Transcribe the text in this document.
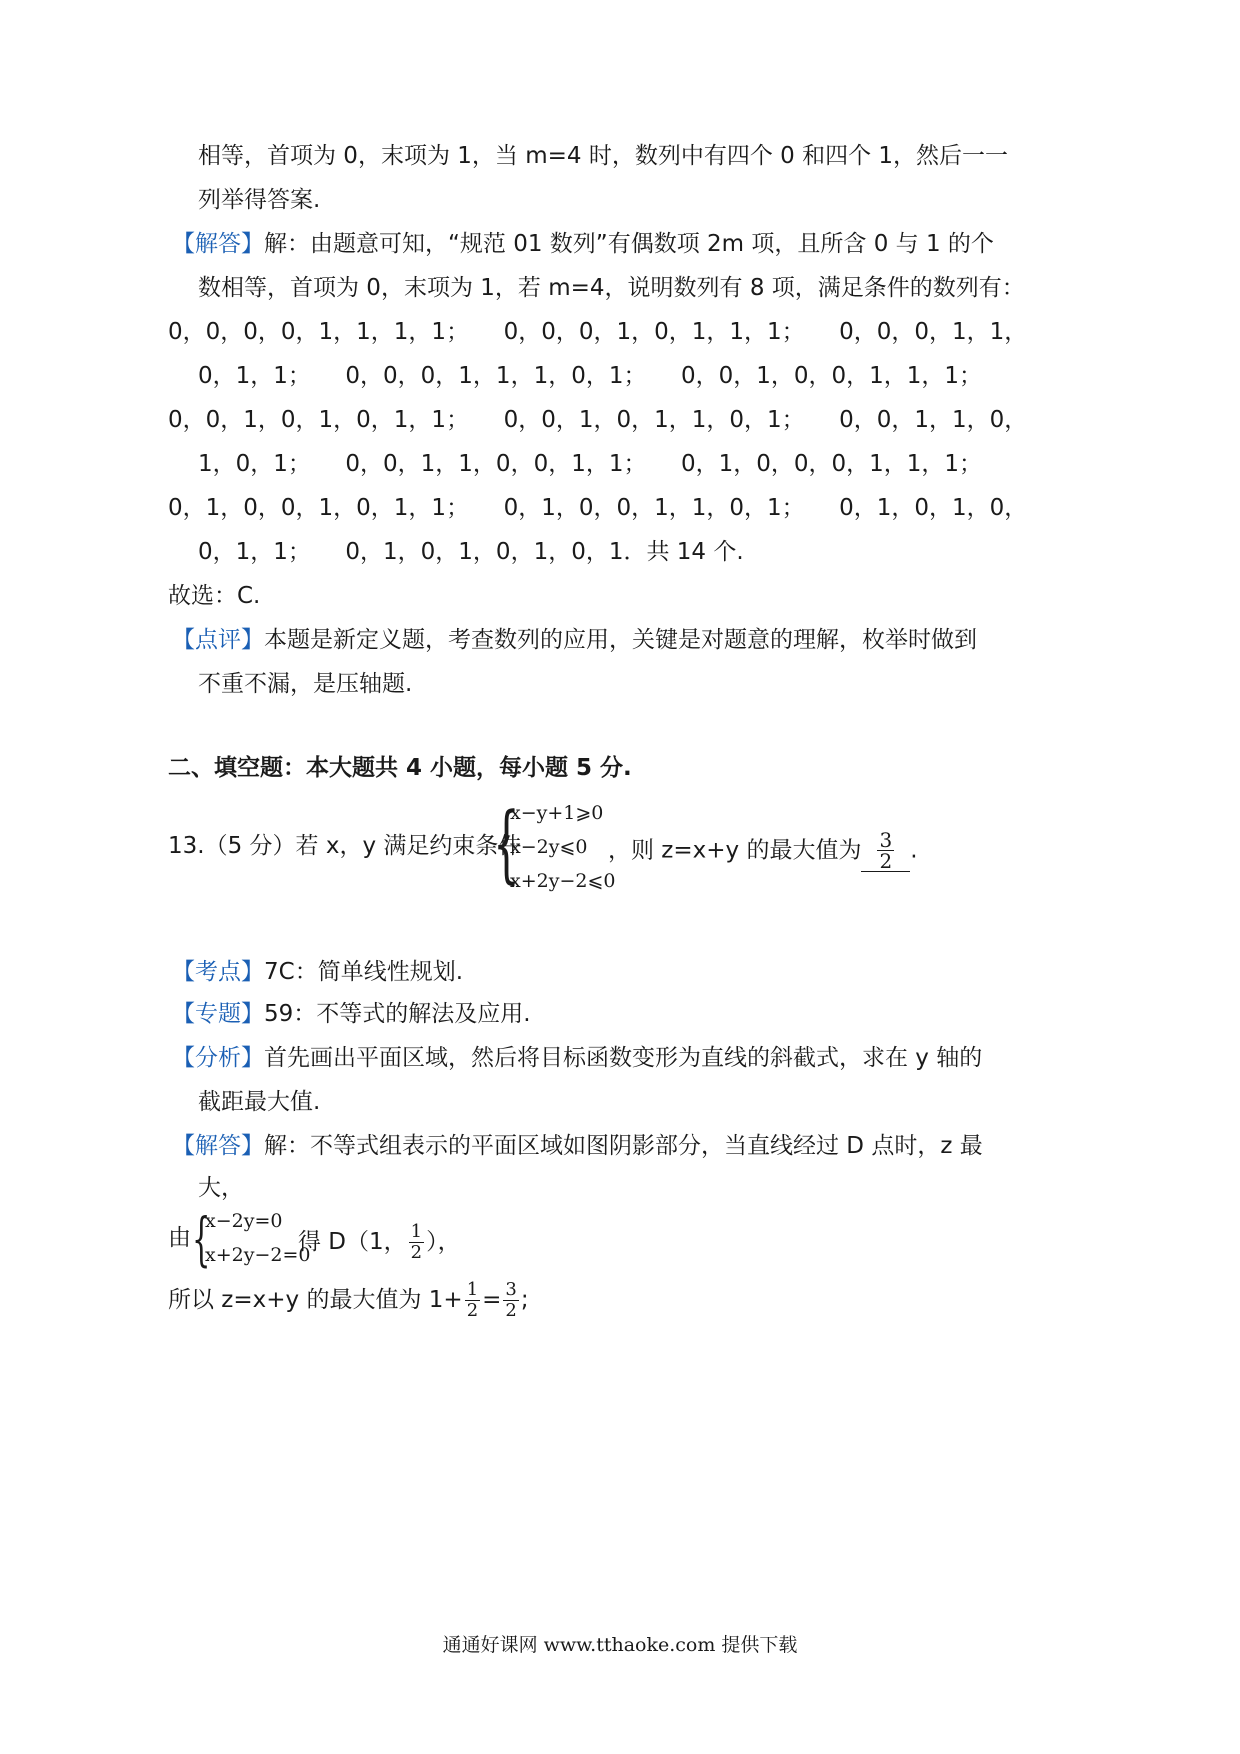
相等，首项为 0，末项为 1，当 m=4 时，数列中有四个 0 和四个 1，然后一一
列举得答案.
【解答】解：由题意可知，“规范 01 数列”有偶数项 2m 项，且所含 0 与 1 的个
数相等，首项为 0，末项为 1，若 m=4，说明数列有 8 项，满足条件的数列有：
0，0，0，0，1，1，1，1；　　0，0，0，1，0，1，1，1；　　0，0，0，1，1，
0，1，1；　　0，0，0，1，1，1，0，1；　　0，0，1，0，0，1，1，1；
0，0，1，0，1，0，1，1；　　0，0，1，0，1，1，0，1；　　0，0，1，1，0，
1，0，1；　　0，0，1，1，0，0，1，1；　　0，1，0，0，0，1，1，1；
0，1，0，0，1，0，1，1；　　0，1，0，0，1，1，0，1；　　0，1，0，1，0，
0，1，1；　　0，1，0，1，0，1，0，1．共 14 个.
故选：C.
【点评】本题是新定义题，考查数列的应用，关键是对题意的理解，枚举时做到
不重不漏，是压轴题.
二、填空题：本大题共 4 小题，每小题 5 分.
13.（5 分）若 x，y 满足约束条件
{
x−y+1⩾0
x−2y⩽0
x+2y−2⩽0
，则 z=x+y 的最大值为 $\frac{3}{2}$ .
【考点】7C：简单线性规划.
【专题】59：不等式的解法及应用.
【分析】首先画出平面区域，然后将目标函数变形为直线的斜截式，求在 y 轴的
截距最大值.
【解答】解：不等式组表示的平面区域如图阴影部分，当直线经过 D 点时，z 最
大，
由 {
x−2y=0
x+2y−2=0
得 D（1， $\frac{1}{2}$ ），
所以 z=x+y 的最大值为 $1+ \frac{1}{2} = \frac{3}{2}$ ;
通通好课网 www.tthaoke.com 提供下载
